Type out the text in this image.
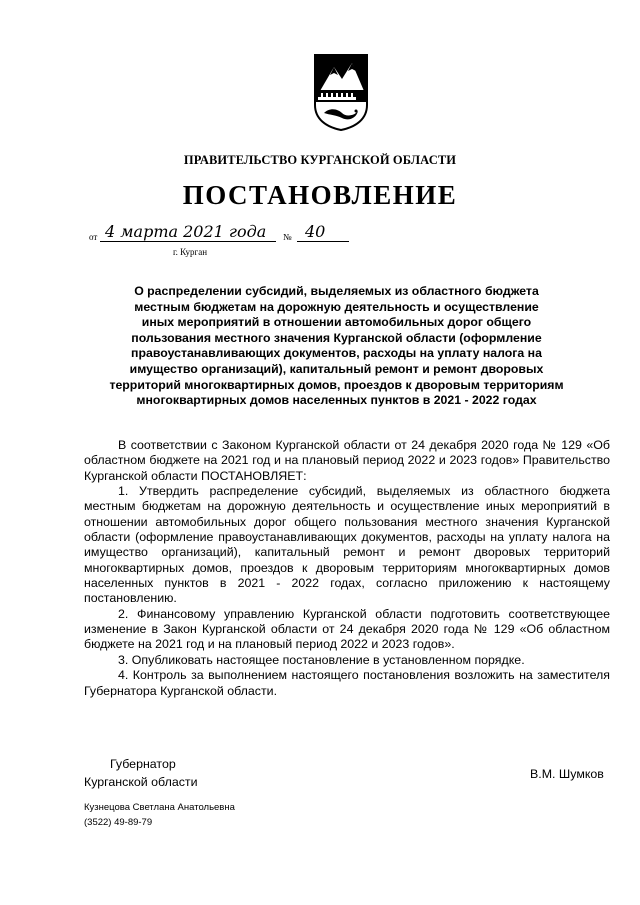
ПРАВИТЕЛЬСТВО КУРГАНСКОЙ ОБЛАСТИ
ПОСТАНОВЛЕНИЕ
от 4 марта 2021 года № 40
г. Курган
О распределении субсидий, выделяемых из областного бюджета
местным бюджетам на дорожную деятельность и осуществление
иных мероприятий в отношении автомобильных дорог общего
пользования местного значения Курганской области (оформление
правоустанавливающих документов, расходы на уплату налога на
имущество организаций), капитальный ремонт и ремонт дворовых
территорий многоквартирных домов, проездов к дворовым территориям
многоквартирных домов населенных пунктов в 2021 - 2022 годах

В соответствии с Законом Курганской области от 24 декабря 2020 года № 129 «Об областном бюджете на 2021 год и на плановый период 2022 и 2023 годов» Правительство Курганской области ПОСТАНОВЛЯЕТ:

1. Утвердить распределение субсидий, выделяемых из областного бюджета местным бюджетам на дорожную деятельность и осуществление иных мероприятий в отношении автомобильных дорог общего пользования местного значения Курганской области (оформление правоустанавливающих документов, расходы на уплату налога на имущество организаций), капитальный ремонт и ремонт дворовых территорий многоквартирных домов, проездов к дворовым территориям многоквартирных домов населенных пунктов в 2021 - 2022 годах, согласно приложению к настоящему постановлению.

2. Финансовому управлению Курганской области подготовить соответствующее изменение в Закон Курганской области от 24 декабря 2020 года № 129 «Об областном бюджете на 2021 год и на плановый период 2022 и 2023 годов».

3. Опубликовать настоящее постановление в установленном порядке.

4. Контроль за выполнением настоящего постановления возложить на заместителя Губернатора Курганской области.

Губернатор
Курганской области
В.М. Шумков
Кузнецова Светлана Анатольевна
(3522) 49-89-79
